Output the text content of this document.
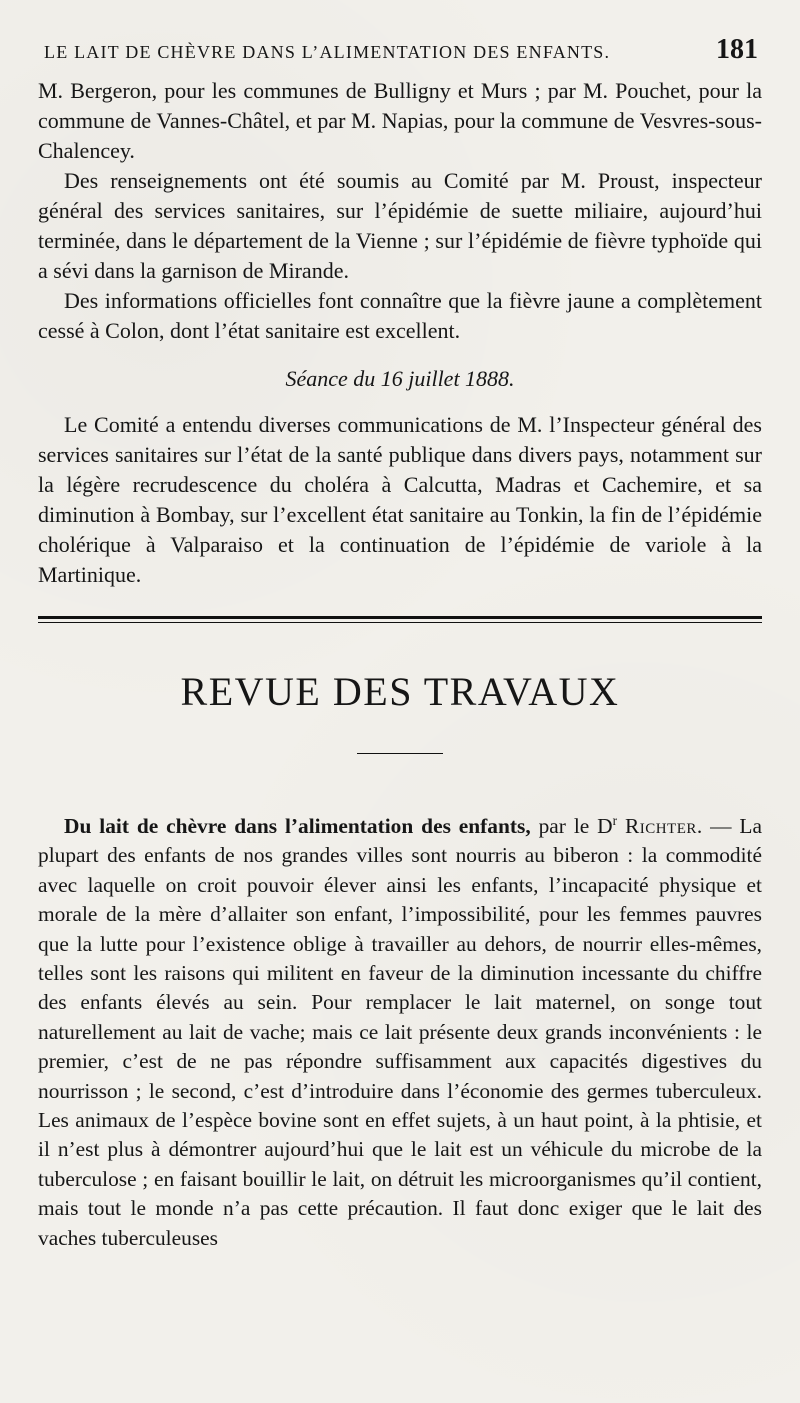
LE LAIT DE CHÈVRE DANS L’ALIMENTATION DES ENFANTS.	181

M. Bergeron, pour les communes de Bulligny et Murs ; par M. Pouchet, pour la commune de Vannes-Châtel, et par M. Napias, pour la commune de Vesvres-sous-Chalencey.

Des renseignements ont été soumis au Comité par M. Proust, inspecteur général des services sanitaires, sur l’épidémie de suette miliaire, aujourd’hui terminée, dans le département de la Vienne ; sur l’épidémie de fièvre typhoïde qui a sévi dans la garnison de Mirande.

Des informations officielles font connaître que la fièvre jaune a complètement cessé à Colon, dont l’état sanitaire est excellent.

Séance du 16 juillet 1888.

Le Comité a entendu diverses communications de M. l’Inspecteur général des services sanitaires sur l’état de la santé publique dans divers pays, notamment sur la légère recrudescence du choléra à Calcutta, Madras et Cachemire, et sa diminution à Bombay, sur l’excellent état sanitaire au Tonkin, la fin de l’épidémie cholérique à Valparaiso et la continuation de l’épidémie de variole à la Martinique.

REVUE DES TRAVAUX

Du lait de chèvre dans l’alimentation des enfants, par le $D^r$ Richter. — La plupart des enfants de nos grandes villes sont nourris au biberon : la commodité avec laquelle on croit pouvoir élever ainsi les enfants, l’incapacité physique et morale de la mère d’allaiter son enfant, l’impossibilité, pour les femmes pauvres que la lutte pour l’existence oblige à travailler au dehors, de nourrir elles-mêmes, telles sont les raisons qui militent en faveur de la diminution incessante du chiffre des enfants élevés au sein. Pour remplacer le lait maternel, on songe tout naturellement au lait de vache; mais ce lait présente deux grands inconvénients : le premier, c’est de ne pas répondre suffisamment aux capacités digestives du nourrisson ; le second, c’est d’introduire dans l’économie des germes tuberculeux. Les animaux de l’espèce bovine sont en effet sujets, à un haut point, à la phtisie, et il n’est plus à démontrer aujourd’hui que le lait est un véhicule du microbe de la tuberculose ; en faisant bouillir le lait, on détruit les microorganismes qu’il contient, mais tout le monde n’a pas cette précaution. Il faut donc exiger que le lait des vaches tuberculeuses
